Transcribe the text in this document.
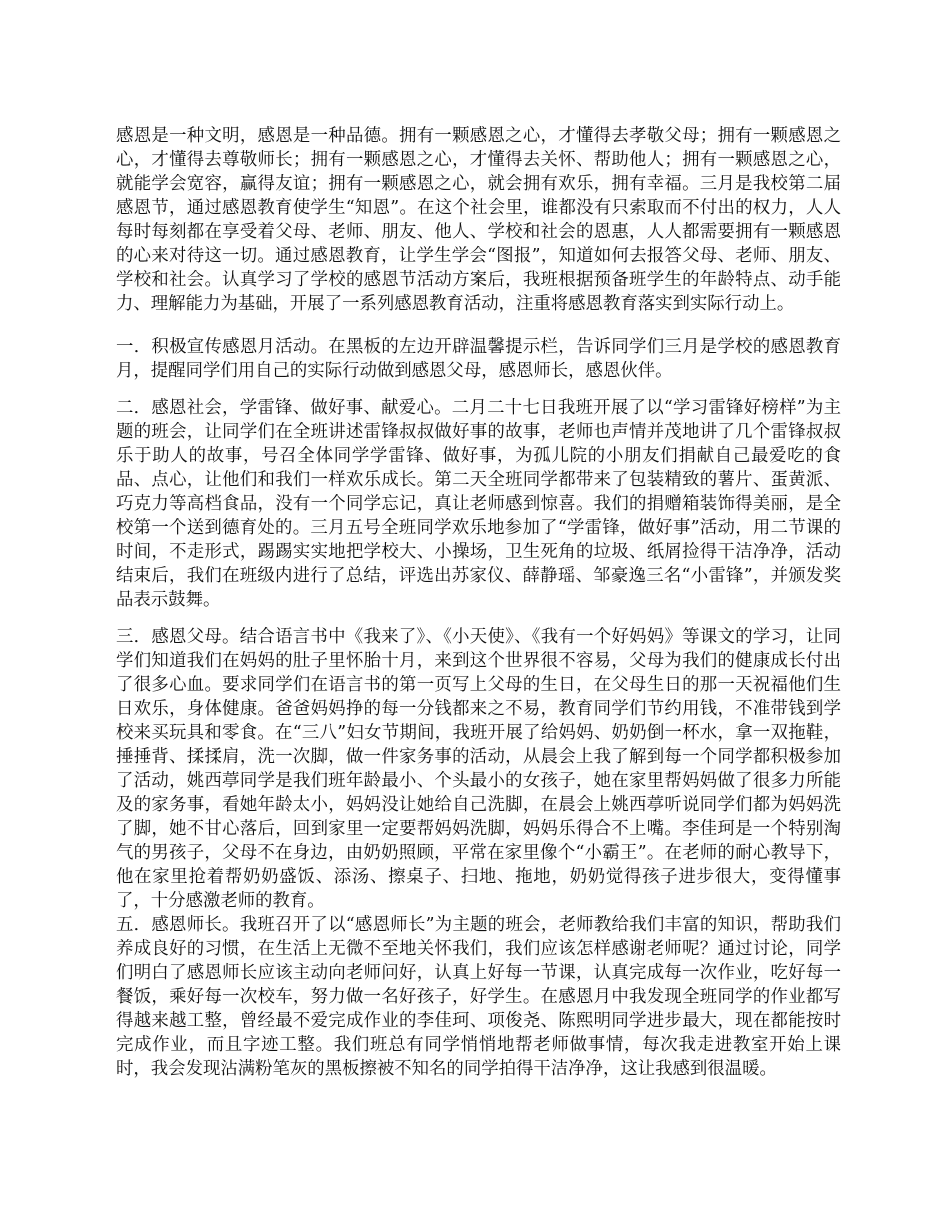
感恩是一种文明，感恩是一种品德。拥有一颗感恩之心，才懂得去孝敬父母；拥有一颗感恩之心，才懂得去尊敬师长；拥有一颗感恩之心，才懂得去关怀、帮助他人；拥有一颗感恩之心，就能学会宽容，赢得友谊；拥有一颗感恩之心，就会拥有欢乐，拥有幸福。三月是我校第二届感恩节，通过感恩教育使学生“知恩”。在这个社会里，谁都没有只索取而不付出的权力，人人每时每刻都在享受着父母、老师、朋友、他人、学校和社会的恩惠，人人都需要拥有一颗感恩的心来对待这一切。通过感恩教育，让学生学会“图报”，知道如何去报答父母、老师、朋友、学校和社会。认真学习了学校的感恩节活动方案后，我班根据预备班学生的年龄特点、动手能力、理解能力为基础，开展了一系列感恩教育活动，注重将感恩教育落实到实际行动上。

一．积极宣传感恩月活动。在黑板的左边开辟温馨提示栏，告诉同学们三月是学校的感恩教育月，提醒同学们用自己的实际行动做到感恩父母，感恩师长，感恩伙伴。

二．感恩社会，学雷锋、做好事、献爱心。二月二十七日我班开展了以“学习雷锋好榜样”为主题的班会，让同学们在全班讲述雷锋叔叔做好事的故事，老师也声情并茂地讲了几个雷锋叔叔乐于助人的故事，号召全体同学学雷锋、做好事，为孤儿院的小朋友们捐献自己最爱吃的食品、点心，让他们和我们一样欢乐成长。第二天全班同学都带来了包装精致的薯片、蛋黄派、巧克力等高档食品，没有一个同学忘记，真让老师感到惊喜。我们的捐赠箱装饰得美丽，是全校第一个送到德育处的。三月五号全班同学欢乐地参加了“学雷锋，做好事”活动，用二节课的时间，不走形式，踢踢实实地把学校大、小操场，卫生死角的垃圾、纸屑捡得干洁净净，活动结束后，我们在班级内进行了总结，评选出苏家仪、薛静瑶、邹豪逸三名“小雷锋”，并颁发奖品表示鼓舞。

三．感恩父母。结合语言书中《我来了》、《小天使》、《我有一个好妈妈》等课文的学习，让同学们知道我们在妈妈的肚子里怀胎十月，来到这个世界很不容易，父母为我们的健康成长付出了很多心血。要求同学们在语言书的第一页写上父母的生日，在父母生日的那一天祝福他们生日欢乐，身体健康。爸爸妈妈挣的每一分钱都来之不易，教育同学们节约用钱，不准带钱到学校来买玩具和零食。在“三八”妇女节期间，我班开展了给妈妈、奶奶倒一杯水，拿一双拖鞋，捶捶背、揉揉肩，洗一次脚，做一件家务事的活动，从晨会上我了解到每一个同学都积极参加了活动，姚西葶同学是我们班年龄最小、个头最小的女孩子，她在家里帮妈妈做了很多力所能及的家务事，看她年龄太小，妈妈没让她给自己洗脚，在晨会上姚西葶听说同学们都为妈妈洗了脚，她不甘心落后，回到家里一定要帮妈妈洗脚，妈妈乐得合不上嘴。李佳珂是一个特别淘气的男孩子，父母不在身边，由奶奶照顾，平常在家里像个“小霸王”。在老师的耐心教导下，他在家里抢着帮奶奶盛饭、添汤、擦桌子、扫地、拖地，奶奶觉得孩子进步很大，变得懂事了，十分感激老师的教育。

五．感恩师长。我班召开了以“感恩师长”为主题的班会，老师教给我们丰富的知识，帮助我们养成良好的习惯，在生活上无微不至地关怀我们，我们应该怎样感谢老师呢？通过讨论，同学们明白了感恩师长应该主动向老师问好，认真上好每一节课，认真完成每一次作业，吃好每一餐饭，乘好每一次校车，努力做一名好孩子，好学生。在感恩月中我发现全班同学的作业都写得越来越工整，曾经最不爱完成作业的李佳珂、项俊尧、陈熙明同学进步最大，现在都能按时完成作业，而且字迹工整。我们班总有同学悄悄地帮老师做事情，每次我走进教室开始上课时，我会发现沾满粉笔灰的黑板擦被不知名的同学拍得干洁净净，这让我感到很温暖。
